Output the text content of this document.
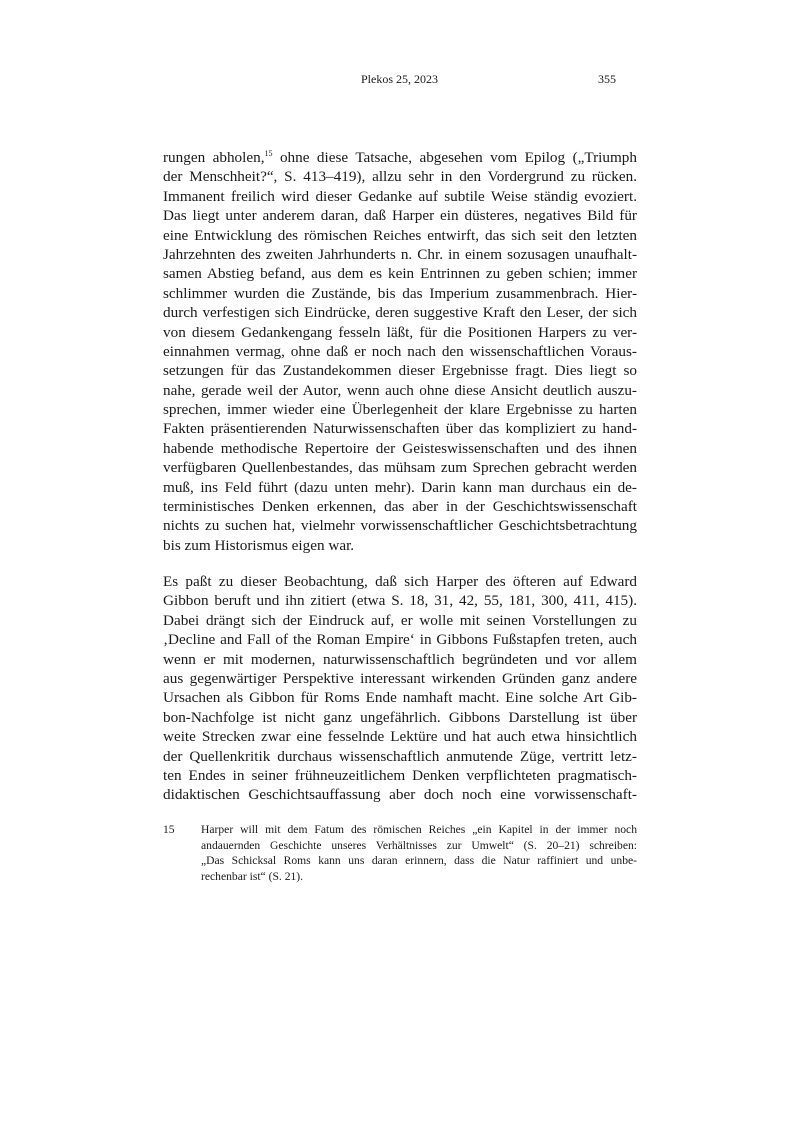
Plekos 25, 2023	355
rungen abholen,$^{15}$ ohne diese Tatsache, abgesehen vom Epilog („Triumph
der Menschheit?“, S. 413–419), allzu sehr in den Vordergrund zu rücken.
Immanent freilich wird dieser Gedanke auf subtile Weise ständig evoziert.
Das liegt unter anderem daran, daß Harper ein düsteres, negatives Bild für
eine Entwicklung des römischen Reiches entwirft, das sich seit den letzten
Jahrzehnten des zweiten Jahrhunderts n. Chr. in einem sozusagen unaufhalt-
samen Abstieg befand, aus dem es kein Entrinnen zu geben schien; immer
schlimmer wurden die Zustände, bis das Imperium zusammenbrach. Hier-
durch verfestigen sich Eindrücke, deren suggestive Kraft den Leser, der sich
von diesem Gedankengang fesseln läßt, für die Positionen Harpers zu ver-
einnahmen vermag, ohne daß er noch nach den wissenschaftlichen Voraus-
setzungen für das Zustandekommen dieser Ergebnisse fragt. Dies liegt so
nahe, gerade weil der Autor, wenn auch ohne diese Ansicht deutlich auszu-
sprechen, immer wieder eine Überlegenheit der klare Ergebnisse zu harten
Fakten präsentierenden Naturwissenschaften über das kompliziert zu hand-
habende methodische Repertoire der Geisteswissenschaften und des ihnen
verfügbaren Quellenbestandes, das mühsam zum Sprechen gebracht werden
muß, ins Feld führt (dazu unten mehr). Darin kann man durchaus ein de-
terministisches Denken erkennen, das aber in der Geschichtswissenschaft
nichts zu suchen hat, vielmehr vorwissenschaftlicher Geschichtsbetrachtung
bis zum Historismus eigen war.
Es paßt zu dieser Beobachtung, daß sich Harper des öfteren auf Edward
Gibbon beruft und ihn zitiert (etwa S. 18, 31, 42, 55, 181, 300, 411, 415).
Dabei drängt sich der Eindruck auf, er wolle mit seinen Vorstellungen zu
‚Decline and Fall of the Roman Empire‘ in Gibbons Fußstapfen treten, auch
wenn er mit modernen, naturwissenschaftlich begründeten und vor allem
aus gegenwärtiger Perspektive interessant wirkenden Gründen ganz andere
Ursachen als Gibbon für Roms Ende namhaft macht. Eine solche Art Gib-
bon-Nachfolge ist nicht ganz ungefährlich. Gibbons Darstellung ist über
weite Strecken zwar eine fesselnde Lektüre und hat auch etwa hinsichtlich
der Quellenkritik durchaus wissenschaftlich anmutende Züge, vertritt letz-
ten Endes in seiner frühneuzeitlichem Denken verpflichteten pragmatisch-
didaktischen Geschichtsauffassung aber doch noch eine vorwissenschaft-
15 Harper will mit dem Fatum des römischen Reiches „ein Kapitel in der immer noch
andauernden Geschichte unseres Verhältnisses zur Umwelt“ (S. 20–21) schreiben:
„Das Schicksal Roms kann uns daran erinnern, dass die Natur raffiniert und unbe-
rechenbar ist“ (S. 21).
